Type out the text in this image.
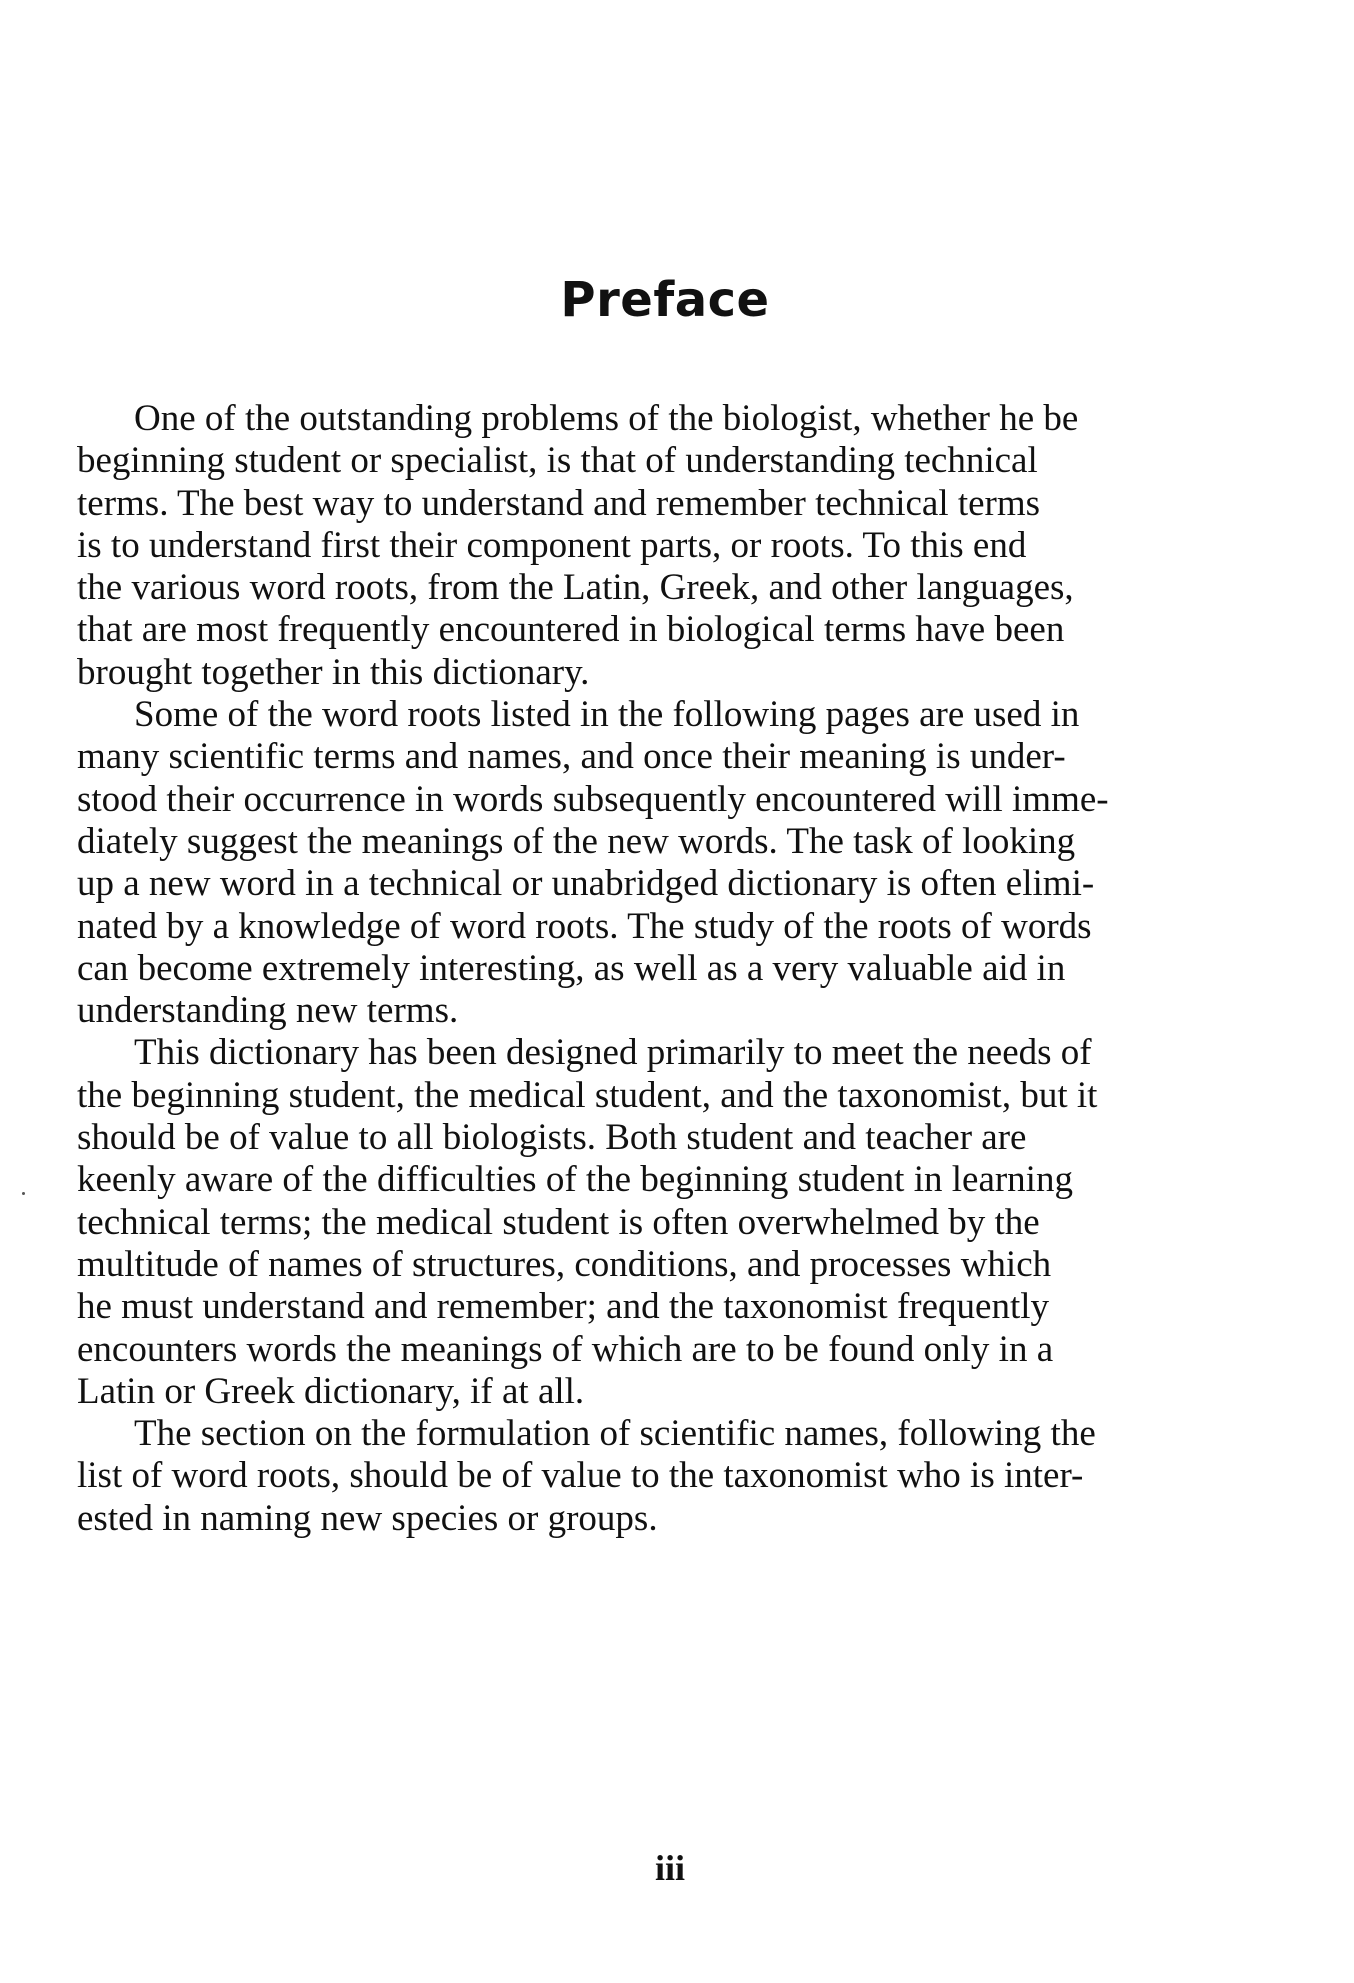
Preface
One of the outstanding problems of the biologist, whether he be
beginning student or specialist, is that of understanding technical
terms. The best way to understand and remember technical terms
is to understand first their component parts, or roots. To this end
the various word roots, from the Latin, Greek, and other languages,
that are most frequently encountered in biological terms have been
brought together in this dictionary.
Some of the word roots listed in the following pages are used in
many scientific terms and names, and once their meaning is under-
stood their occurrence in words subsequently encountered will imme-
diately suggest the meanings of the new words. The task of looking
up a new word in a technical or unabridged dictionary is often elimi-
nated by a knowledge of word roots. The study of the roots of words
can become extremely interesting, as well as a very valuable aid in
understanding new terms.
This dictionary has been designed primarily to meet the needs of
the beginning student, the medical student, and the taxonomist, but it
should be of value to all biologists. Both student and teacher are
keenly aware of the difficulties of the beginning student in learning
technical terms; the medical student is often overwhelmed by the
multitude of names of structures, conditions, and processes which
he must understand and remember; and the taxonomist frequently
encounters words the meanings of which are to be found only in a
Latin or Greek dictionary, if at all.
The section on the formulation of scientific names, following the
list of word roots, should be of value to the taxonomist who is inter-
ested in naming new species or groups.
iii
